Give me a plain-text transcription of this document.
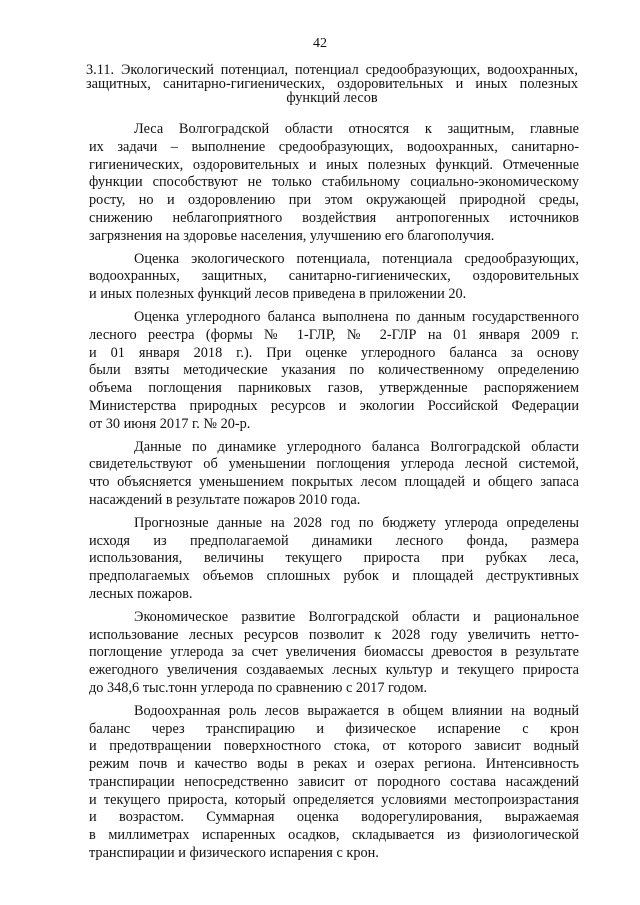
42
3.11. Экологический потенциал, потенциал средообразующих, водоохранных,
защитных, санитарно-гигиенических, оздоровительных и иных полезных
функций лесов

Леса Волгоградской области относятся к защитным, главные
их задачи – выполнение средообразующих, водоохранных, санитарно-
гигиенических, оздоровительных и иных полезных функций. Отмеченные
функции способствуют не только стабильному социально-экономическому
росту, но и оздоровлению при этом окружающей природной среды,
снижению неблагоприятного воздействия антропогенных источников
загрязнения на здоровье населения, улучшению его благополучия.

Оценка экологического потенциала, потенциала средообразующих,
водоохранных, защитных, санитарно-гигиенических, оздоровительных
и иных полезных функций лесов приведена в приложении 20.

Оценка углеродного баланса выполнена по данным государственного
лесного реестра (формы № 1-ГЛР, № 2-ГЛР на 01 января 2009 г.
и 01 января 2018 г.). При оценке углеродного баланса за основу
были взяты методические указания по количественному определению
объема поглощения парниковых газов, утвержденные распоряжением
Министерства природных ресурсов и экологии Российской Федерации
от 30 июня 2017 г. № 20-р.

Данные по динамике углеродного баланса Волгоградской области
свидетельствуют об уменьшении поглощения углерода лесной системой,
что объясняется уменьшением покрытых лесом площадей и общего запаса
насаждений в результате пожаров 2010 года.

Прогнозные данные на 2028 год по бюджету углерода определены
исходя из предполагаемой динамики лесного фонда, размера
использования, величины текущего прироста при рубках леса,
предполагаемых объемов сплошных рубок и площадей деструктивных
лесных пожаров.

Экономическое развитие Волгоградской области и рациональное
использование лесных ресурсов позволит к 2028 году увеличить нетто-
поглощение углерода за счет увеличения биомассы древостоя в результате
ежегодного увеличения создаваемых лесных культур и текущего прироста
до 348,6 тыс.тонн углерода по сравнению с 2017 годом.

Водоохранная роль лесов выражается в общем влиянии на водный
баланс через транспирацию и физическое испарение с крон
и предотвращении поверхностного стока, от которого зависит водный
режим почв и качество воды в реках и озерах региона. Интенсивность
транспирации непосредственно зависит от породного состава насаждений
и текущего прироста, который определяется условиями местопроизрастания
и возрастом. Суммарная оценка водорегулирования, выражаемая
в миллиметрах испаренных осадков, складывается из физиологической
транспирации и физического испарения с крон.
